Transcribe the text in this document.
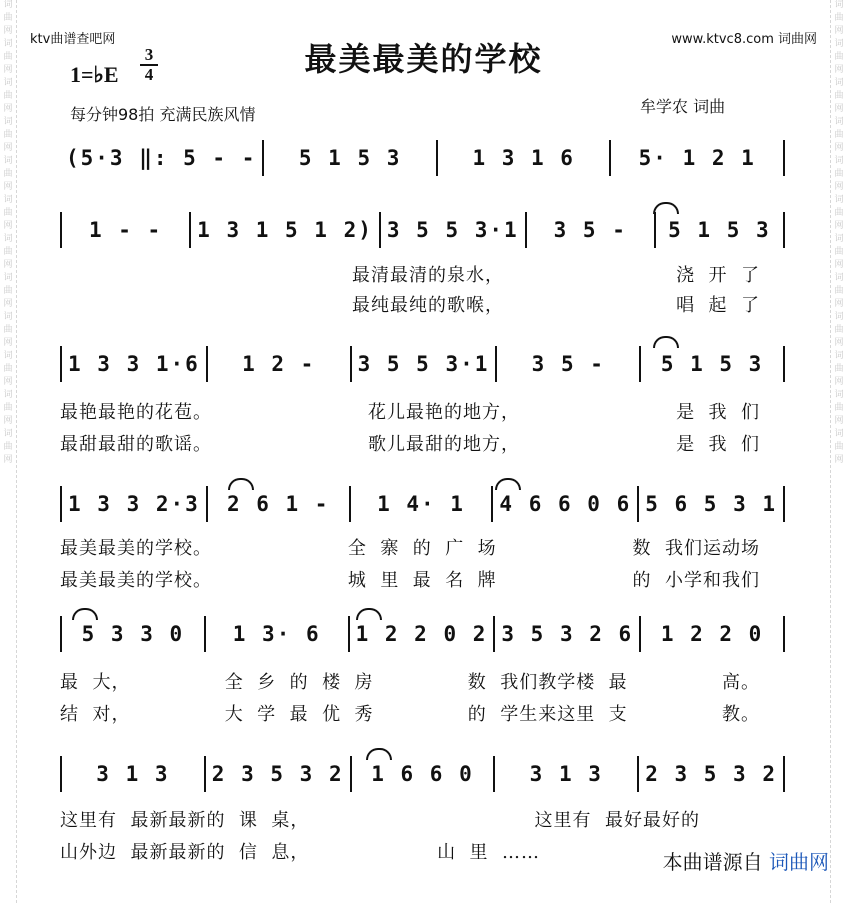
词
曲
网
词
曲
网
词
曲
网
词
曲
网
词
曲
网
词
曲
网
词
曲
网
词
曲
网
词
曲
网
词
曲
网
词
曲
网
词
曲
网
词
曲
网
词
曲
网
词
曲
网
词
曲
网
词
曲
网
词
曲
网
词
曲
网
词
曲
网
词
曲
网
词
曲
网
词
曲
网
词
曲
网
ktv曲谱查吧网	www.ktvc8.com 词曲网
最美最美的学校
1=♭E
3
4
每分钟98拍 充满民族风情	牟学农 词曲
(5·3 ‖: 5 - -	5 1 5 3	1 3 1 6	5· 1 2 1
1 - -	1 3 1 5 1 2) 3 5 5 3·1	3 5 -	5 1 5 3
1 3 3 1·6	1 2 -	3 5 5 3·1	3 5 -	5 1 5 3
1 3 3 2·3	2 6 1 -	1 4· 1	4 6 6 0 6 5 6 5 3 1
5 3 3 0	1 3· 6	1 2 2 0 2 3 5 3 2 6	1 2 2 0
3 1 3	2 3 5 3 2	1 6 6 0	3 1 3	2 3 5 3 2
最清最清的泉水，	浇  开  了
最纯最纯的歌喉，	唱  起  了
最艳最艳的花苞。	花儿最艳的地方，	是  我  们
最甜最甜的歌谣。	歌儿最甜的地方，	是  我  们
最美最美的学校。	全  寨  的  广  场	数  我们运动场
最美最美的学校。	城  里  最  名  牌	的  小学和我们
最  大，	全  乡  的  楼  房	数  我们教学楼  最	高。
结  对，	大  学  最  优  秀	的  学生来这里  支	教。
这里有  最新最新的  课  桌，	这里有  最好最好的
山外边  最新最新的  信  息，	山  里  ……	本曲谱源自 词曲网
